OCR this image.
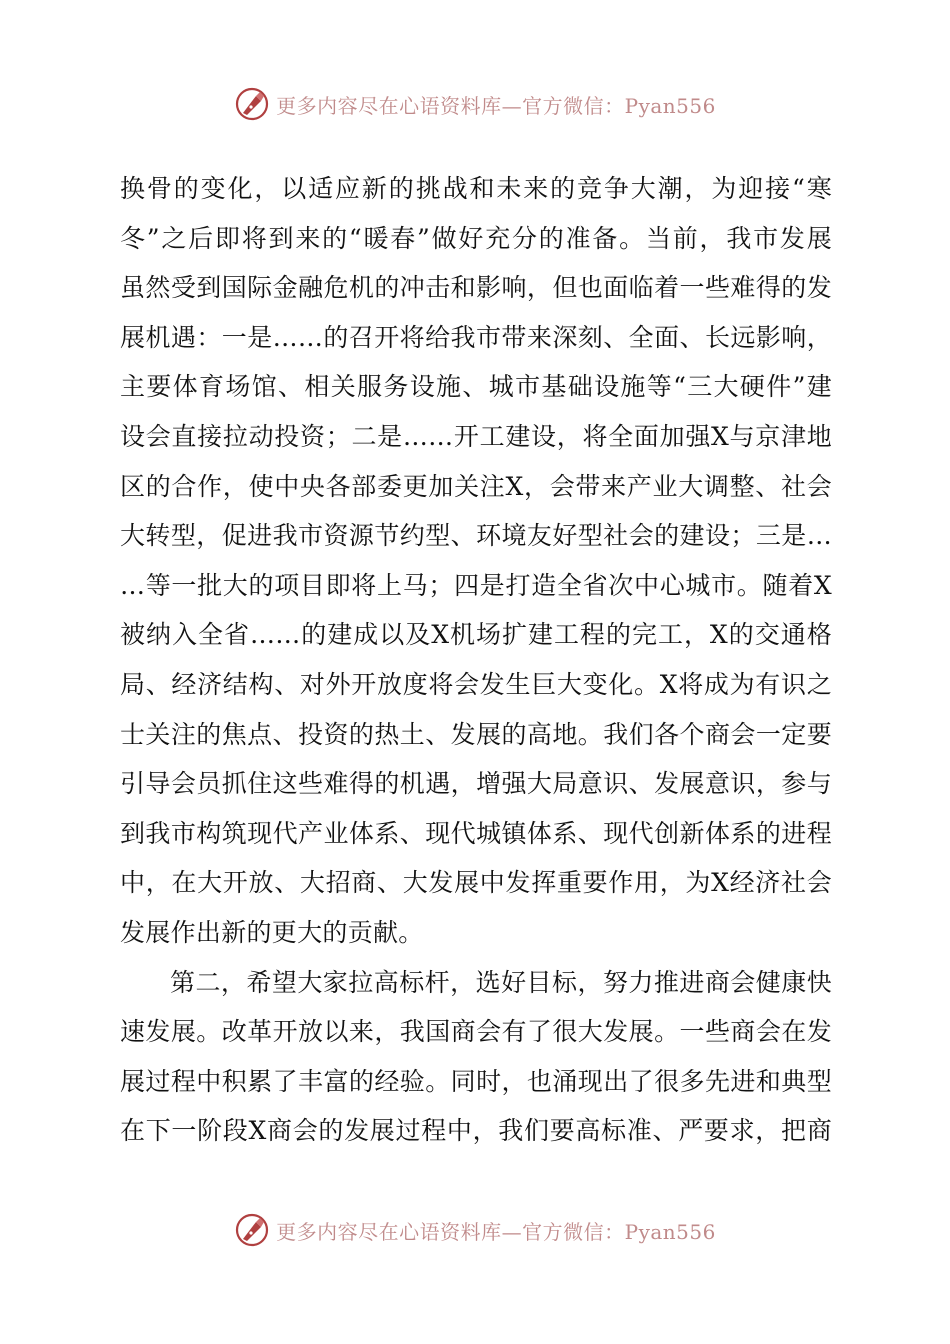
更多内容尽在心语资料库—官方微信：Pyan556
换骨的变化，以适应新的挑战和未来的竞争大潮，为迎接“寒
冬”之后即将到来的“暖春”做好充分的准备。当前，我市发展
虽然受到国际金融危机的冲击和影响，但也面临着一些难得的发
展机遇：一是……的召开将给我市带来深刻、全面、长远影响，
主要体育场馆、相关服务设施、城市基础设施等“三大硬件”建
设会直接拉动投资；二是……开工建设，将全面加强X与京津地
区的合作，使中央各部委更加关注X，会带来产业大调整、社会
大转型，促进我市资源节约型、环境友好型社会的建设；三是…
…等一批大的项目即将上马；四是打造全省次中心城市。随着X
被纳入全省……的建成以及X机场扩建工程的完工，X的交通格
局、经济结构、对外开放度将会发生巨大变化。X将成为有识之
士关注的焦点、投资的热土、发展的高地。我们各个商会一定要
引导会员抓住这些难得的机遇，增强大局意识、发展意识，参与
到我市构筑现代产业体系、现代城镇体系、现代创新体系的进程
中，在大开放、大招商、大发展中发挥重要作用，为X经济社会
发展作出新的更大的贡献。
第二，希望大家拉高标杆，选好目标，努力推进商会健康快
速发展。改革开放以来，我国商会有了很大发展。一些商会在发
展过程中积累了丰富的经验。同时，也涌现出了很多先进和典型
在下一阶段X商会的发展过程中，我们要高标准、严要求，把商
更多内容尽在心语资料库—官方微信：Pyan556
